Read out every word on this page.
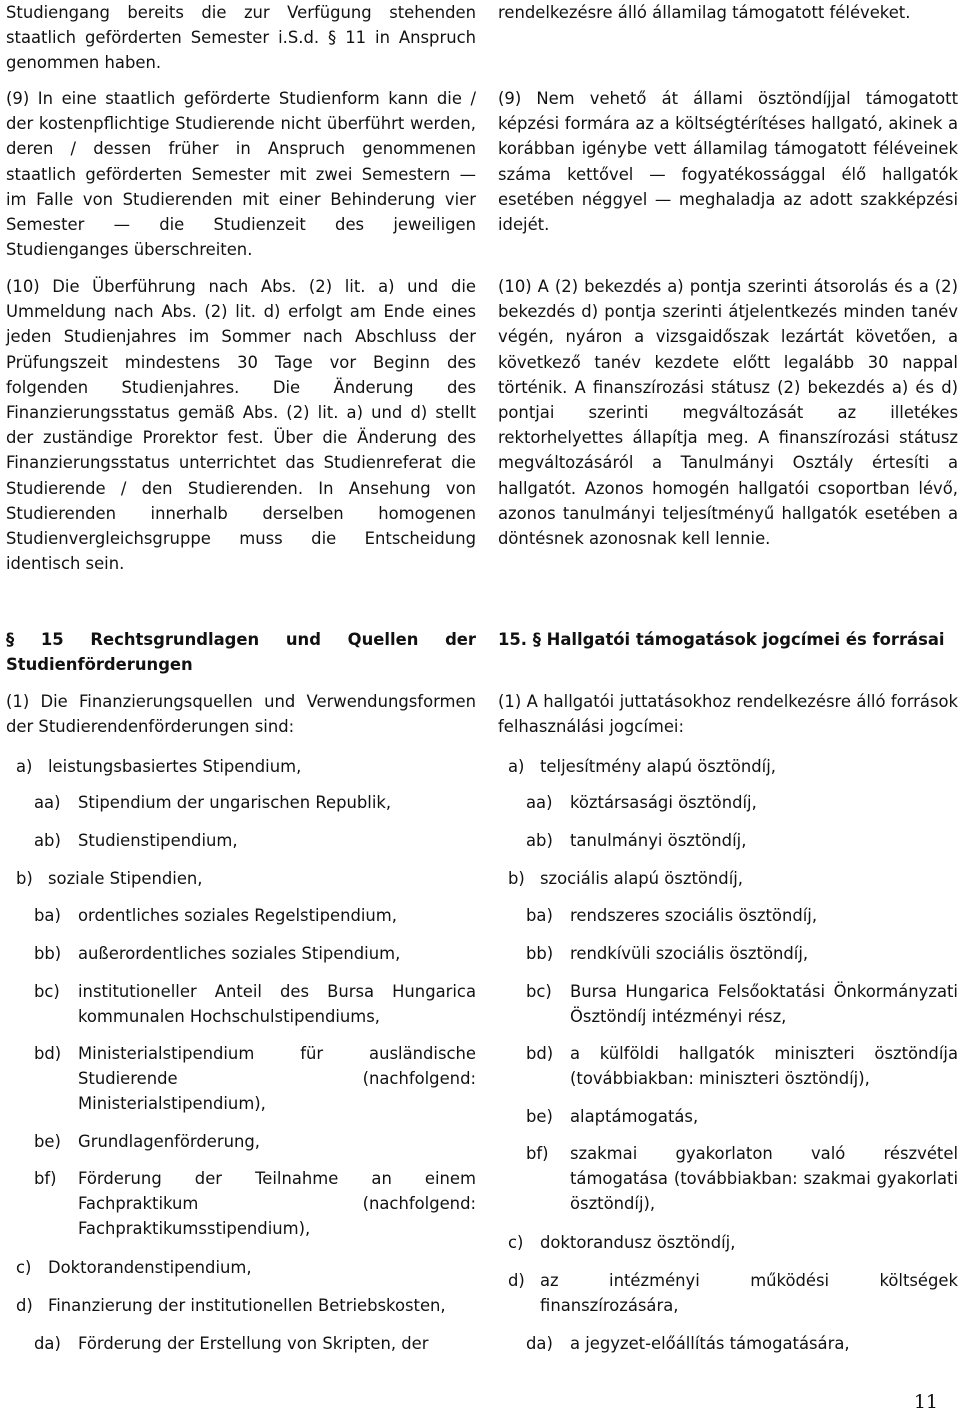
Studiengang bereits die zur Verfügung stehenden staatlich geförderten Semester i.S.d. § 11 in Anspruch genommen haben.

(9) In eine staatlich geförderte Studienform kann die / der kostenpflichtige Studierende nicht überführt werden, deren / dessen früher in Anspruch genommenen staatlich geförderten Semester mit zwei Semestern — im Falle von Studierenden mit einer Behinderung vier Semester — die Studienzeit des jeweiligen Studienganges überschreiten.

(10) Die Überführung nach Abs. (2) lit. a) und die Ummeldung nach Abs. (2) lit. d) erfolgt am Ende eines jeden Studienjahres im Sommer nach Abschluss der Prüfungszeit mindestens 30 Tage vor Beginn des folgenden Studienjahres. Die Änderung des Finanzierungsstatus gemäß Abs. (2) lit. a) und d) stellt der zuständige Prorektor fest. Über die Änderung des Finanzierungsstatus unterrichtet das Studienreferat die Studierende / den Studierenden. In Ansehung von Studierenden innerhalb derselben homogenen Studienvergleichsgruppe muss die Entscheidung identisch sein.

§ 15 Rechtsgrundlagen und Quellen der Studienförderungen

(1) Die Finanzierungsquellen und Verwendungsformen der Studierendenförderungen sind:

a) leistungsbasiertes Stipendium,
aa) Stipendium der ungarischen Republik,
ab) Studienstipendium,
b) soziale Stipendien,
ba) ordentliches soziales Regelstipendium,
bb) außerordentliches soziales Stipendium,
bc) institutioneller Anteil des Bursa Hungarica kommunalen Hochschulstipendiums,
bd) Ministerialstipendium für ausländische Studierende (nachfolgend: Ministerialstipendium),
be) Grundlagenförderung,
bf) Förderung der Teilnahme an einem Fachpraktikum (nachfolgend: Fachpraktikumsstipendium),
c) Doktorandenstipendium,
d) Finanzierung der institutionellen Betriebskosten,
da) Förderung der Erstellung von Skripten, der

rendelkezésre álló államilag támogatott féléveket.

(9) Nem vehető át állami ösztöndíjjal támogatott képzési formára az a költségtérítéses hallgató, akinek a korábban igénybe vett államilag támogatott féléveinek száma kettővel — fogyatékossággal élő hallgatók esetében néggyel — meghaladja az adott szakképzési idejét.

(10) A (2) bekezdés a) pontja szerinti átsorolás és a (2) bekezdés d) pontja szerinti átjelentkezés minden tanév végén, nyáron a vizsgaidőszak lezártát követően, a következő tanév kezdete előtt legalább 30 nappal történik. A finanszírozási státusz (2) bekezdés a) és d) pontjai szerinti megváltozását az illetékes rektorhelyettes állapítja meg. A finanszírozási státusz megváltozásáról a Tanulmányi Osztály értesíti a hallgatót. Azonos homogén hallgatói csoportban lévő, azonos tanulmányi teljesítményű hallgatók esetében a döntésnek azonosnak kell lennie.

15. § Hallgatói támogatások jogcímei és forrásai

(1) A hallgatói juttatásokhoz rendelkezésre álló források felhasználási jogcímei:

a) teljesítmény alapú ösztöndíj,
aa) köztársasági ösztöndíj,
ab) tanulmányi ösztöndíj,
b) szociális alapú ösztöndíj,
ba) rendszeres szociális ösztöndíj,
bb) rendkívüli szociális ösztöndíj,
bc) Bursa Hungarica Felsőoktatási Önkormányzati Ösztöndíj intézményi rész,
bd) a külföldi hallgatók miniszteri ösztöndíja (továbbiakban: miniszteri ösztöndíj),
be) alaptámogatás,
bf) szakmai gyakorlaton való részvétel támogatása (továbbiakban: szakmai gyakorlati ösztöndíj),
c) doktorandusz ösztöndíj,
d) az intézményi működési költségek finanszírozására,
da) a jegyzet-előállítás támogatására,
11
